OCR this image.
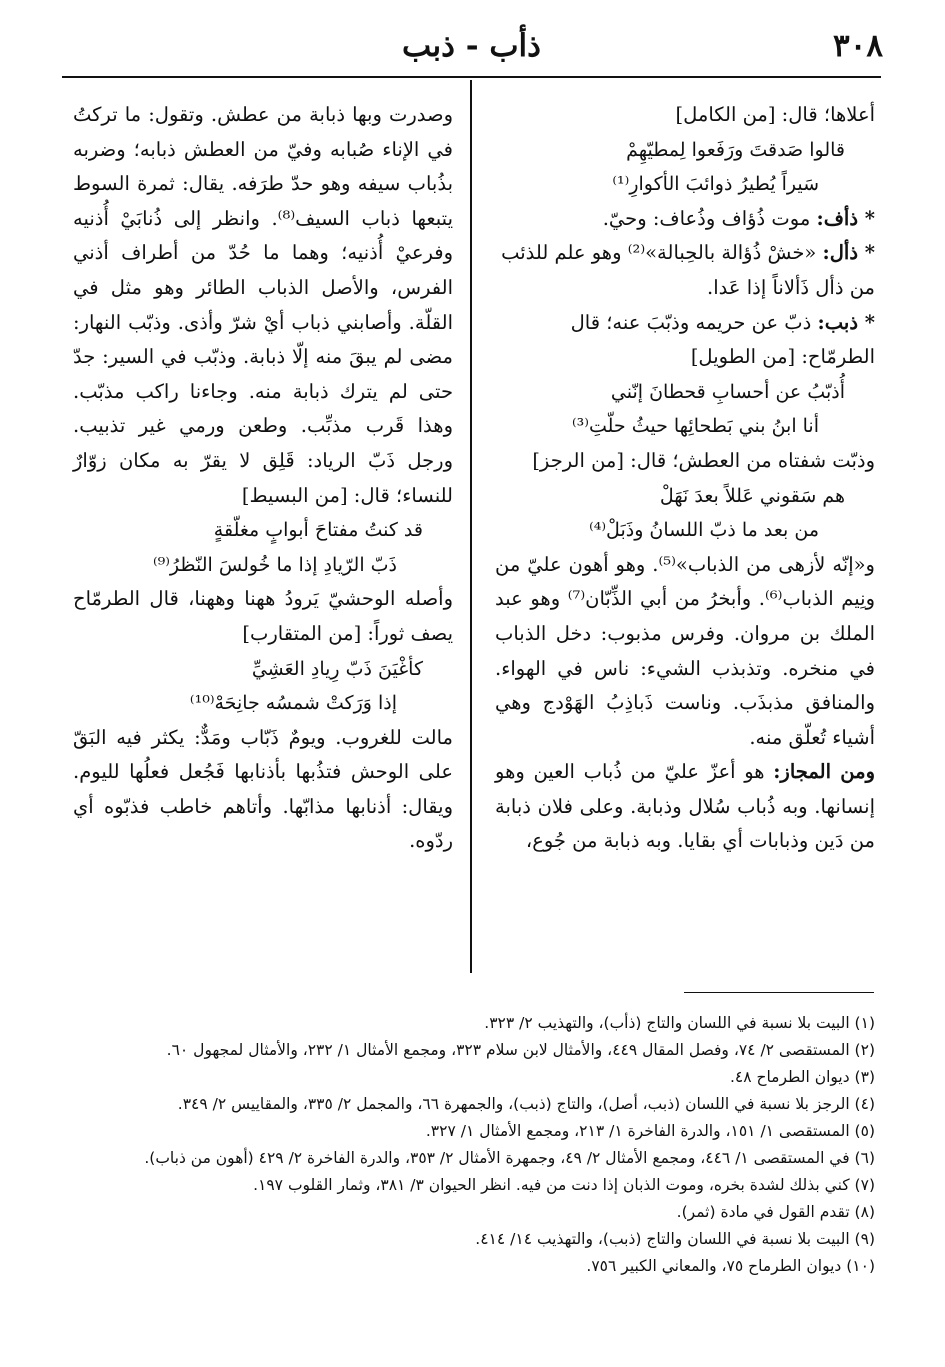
٣٠٨
ذأب - ذبب

أعلاها؛ قال: [من الكامل]

قالوا صَدقتَ ورَفَعوا لِمطيّهِمْ

سَيراً يُطيرُ ذوائبَ الأكوارِ⁽¹⁾

* ذأف: موت ذُؤاف وذُعاف: وحيّ.

* ذأل: «خشْ ذُؤالة بالحِبالة»⁽²⁾ وهو علم للذئب

من ذأل ذَألاناً إذا عَدا.

* ذبب: ذبّ عن حريمه وذبّبَ عنه؛ قال

الطرمّاح: [من الطويل]

أُذبّبُ عن أحسابِ قحطانَ إنّني

أنا ابنُ بني بَطحائِها حيثُ حلّتِ⁽³⁾

وذبّت شفتاه من العطش؛ قال: [من الرجز]

هم سَقوني عَللاً بعدَ نَهَلْ

من بعد ما ذبّ اللسانُ وذَبَلْ⁽⁴⁾

و«إنّه لأزهى من الذباب»⁽⁵⁾. وهو أهون عليّ من ونِيم الذباب⁽⁶⁾. وأبخرُ من أبي الذِّبّان⁽⁷⁾ وهو عبد الملك بن مروان. وفرس مذبوب: دخل الذباب في منخره. وتذبذب الشيء: ناس في الهواء. والمنافق مذبذَب. وناست ذَباذِبُ الهَوْدج وهي أشياء تُعلّق منه.

ومن المجاز: هو أعزّ عليّ من ذُباب العين وهو إنسانها. وبه ذُباب سُلال وذبابة. وعلى فلان ذبابة من دَين وذبابات أي بقايا. وبه ذبابة من جُوع،

وصدرت وبها ذبابة من عطش. وتقول: ما تركتُ في الإناء صُبابه وفيّ من العطش ذبابه؛ وضربه بذُباب سيفه وهو حدّ طرَفه. يقال: ثمرة السوط يتبعها ذباب السيف⁽⁸⁾. وانظر إلى ذُنابَيْ أُذنيه وفرعيْ أُذنيه؛ وهما ما حُدّ من أطراف أذني الفرس، والأصل الذباب الطائر وهو مثل في القلّة. وأصابني ذباب أيْ شرّ وأذى. وذبّب النهار: مضى لم يبقَ منه إلّا ذبابة. وذبّب في السير: جدّ حتى لم يترك ذبابة منه. وجاءنا راكب مذبّب. وهذا قَرب مذبِّب. وطعن ورمي غير تذبيب. ورجل ذَبّ الرياد: قَلِق لا يقرّ به مكان زوّارٌ للنساء؛ قال: [من البسيط]

قد كنتُ مفتاحَ أبوابٍ مغلّقةٍ

ذَبّ الرّيادِ إذا ما خُولسَ النّظرُ⁽⁹⁾

وأصله الوحشيّ يَرودُ ههنا وههنا، قال الطرمّاح يصف ثوراً: [من المتقارب]

كأغْيَنَ ذَبّ رِيادِ العَشِيِّ

إذا وَرَكتْ شمسُه جانِحَهْ⁽¹⁰⁾

مالت للغروب. ويومٌ ذَبّاب ومَدٌّ: يكثر فيه البَقّ على الوحش فتذُبها بأذنابها فَجُعل فعلُها لليوم. ويقال: أذنابها مذابّها. وأتاهم خاطب فذبّوه أي ردّوه.

(١) البيت بلا نسبة في اللسان والتاج (ذأب)، والتهذيب ٢/ ٣٢٣.

(٢) المستقصى ٢/ ٧٤، وفصل المقال ٤٤٩، والأمثال لابن سلام ٣٢٣، ومجمع الأمثال ١/ ٢٣٢، والأمثال لمجهول ٦٠.

(٣) ديوان الطرماح ٤٨.

(٤) الرجز بلا نسبة في اللسان (ذبب، أصل)، والتاج (ذبب)، والجمهرة ٦٦، والمجمل ٢/ ٣٣٥، والمقاييس ٢/ ٣٤٩.

(٥) المستقصى ١/ ١٥١، والدرة الفاخرة ١/ ٢١٣، ومجمع الأمثال ١/ ٣٢٧.

(٦) في المستقصى ١/ ٤٤٦، ومجمع الأمثال ٢/ ٤٩، وجمهرة الأمثال ٢/ ٣٥٣، والدرة الفاخرة ٢/ ٤٢٩ (أهون من ذباب).

(٧) كني بذلك لشدة بخره، وموت الذبان إذا دنت من فيه. انظر الحيوان ٣/ ٣٨١، وثمار القلوب ١٩٧.

(٨) تقدم القول في مادة (ثمر).

(٩) البيت بلا نسبة في اللسان والتاج (ذبب)، والتهذيب ١٤/ ٤١٤.

(١٠) ديوان الطرماح ٧٥، والمعاني الكبير ٧٥٦.
